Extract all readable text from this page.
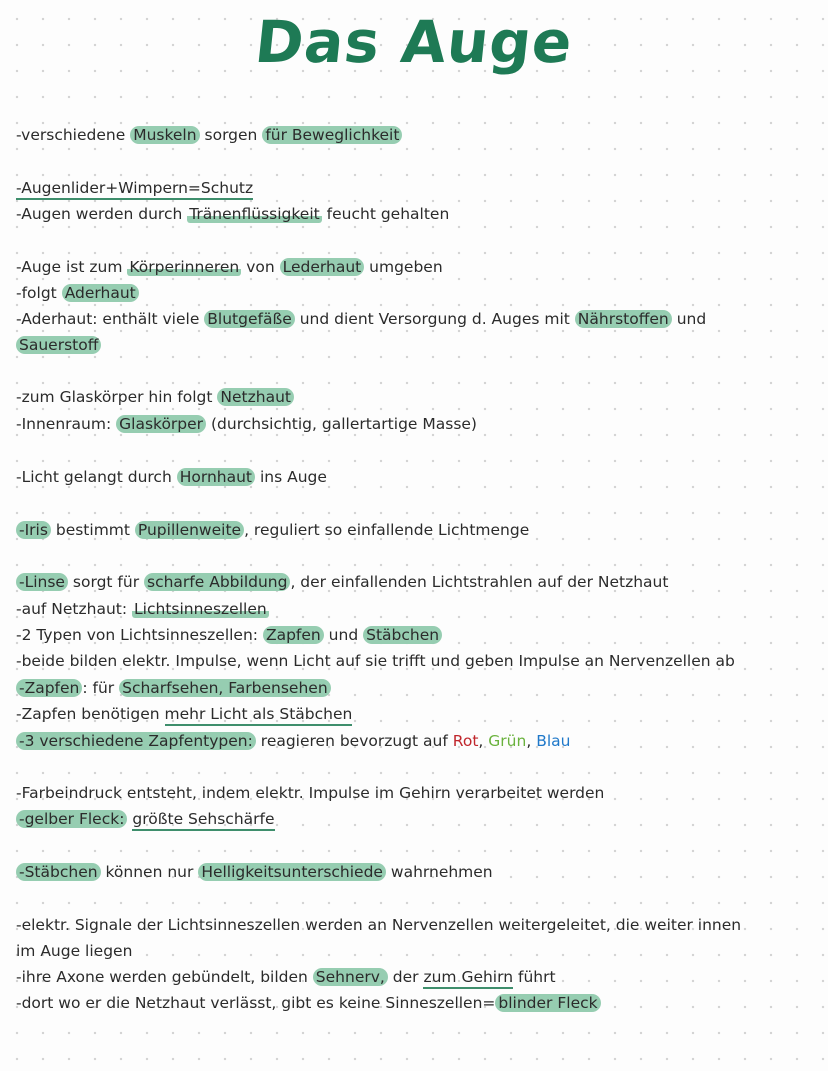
Das Auge
-verschiedene Muskeln sorgen für Beweglichkeit
-Augenlider+Wimpern=Schutz
-Augen werden durch Tränenflüssigkeit feucht gehalten
-Auge ist zum Körperinneren von Lederhaut umgeben
-folgt Aderhaut
-Aderhaut: enthält viele Blutgefäße und dient Versorgung d. Auges mit Nährstoffen und
Sauerstoff
-zum Glaskörper hin folgt Netzhaut
-Innenraum: Glaskörper (durchsichtig, gallertartige Masse)
-Licht gelangt durch Hornhaut ins Auge
-Iris bestimmt Pupillenweite , reguliert so einfallende Lichtmenge
-Linse sorgt für scharfe Abbildung , der einfallenden Lichtstrahlen auf der Netzhaut
-auf Netzhaut: Lichtsinneszellen
-2 Typen von Lichtsinneszellen: Zapfen und Stäbchen
-beide bilden elektr. Impulse, wenn Licht auf sie trifft und geben Impulse an Nervenzellen ab
-Zapfen : für Scharfsehen, Farbensehen
-Zapfen benötigen mehr Licht als Stäbchen
-3 verschiedene Zapfentypen: reagieren bevorzugt auf Rot, Grün, Blau
-Farbeindruck entsteht, indem elektr. Impulse im Gehirn verarbeitet werden
-gelber Fleck: größte Sehschärfe
-Stäbchen können nur Helligkeitsunterschiede wahrnehmen
-elektr. Signale der Lichtsinneszellen werden an Nervenzellen weitergeleitet, die weiter innen
im Auge liegen
-ihre Axone werden gebündelt, bilden Sehnerv, der zum Gehirn führt
-dort wo er die Netzhaut verlässt, gibt es keine Sinneszellen= blinder Fleck
